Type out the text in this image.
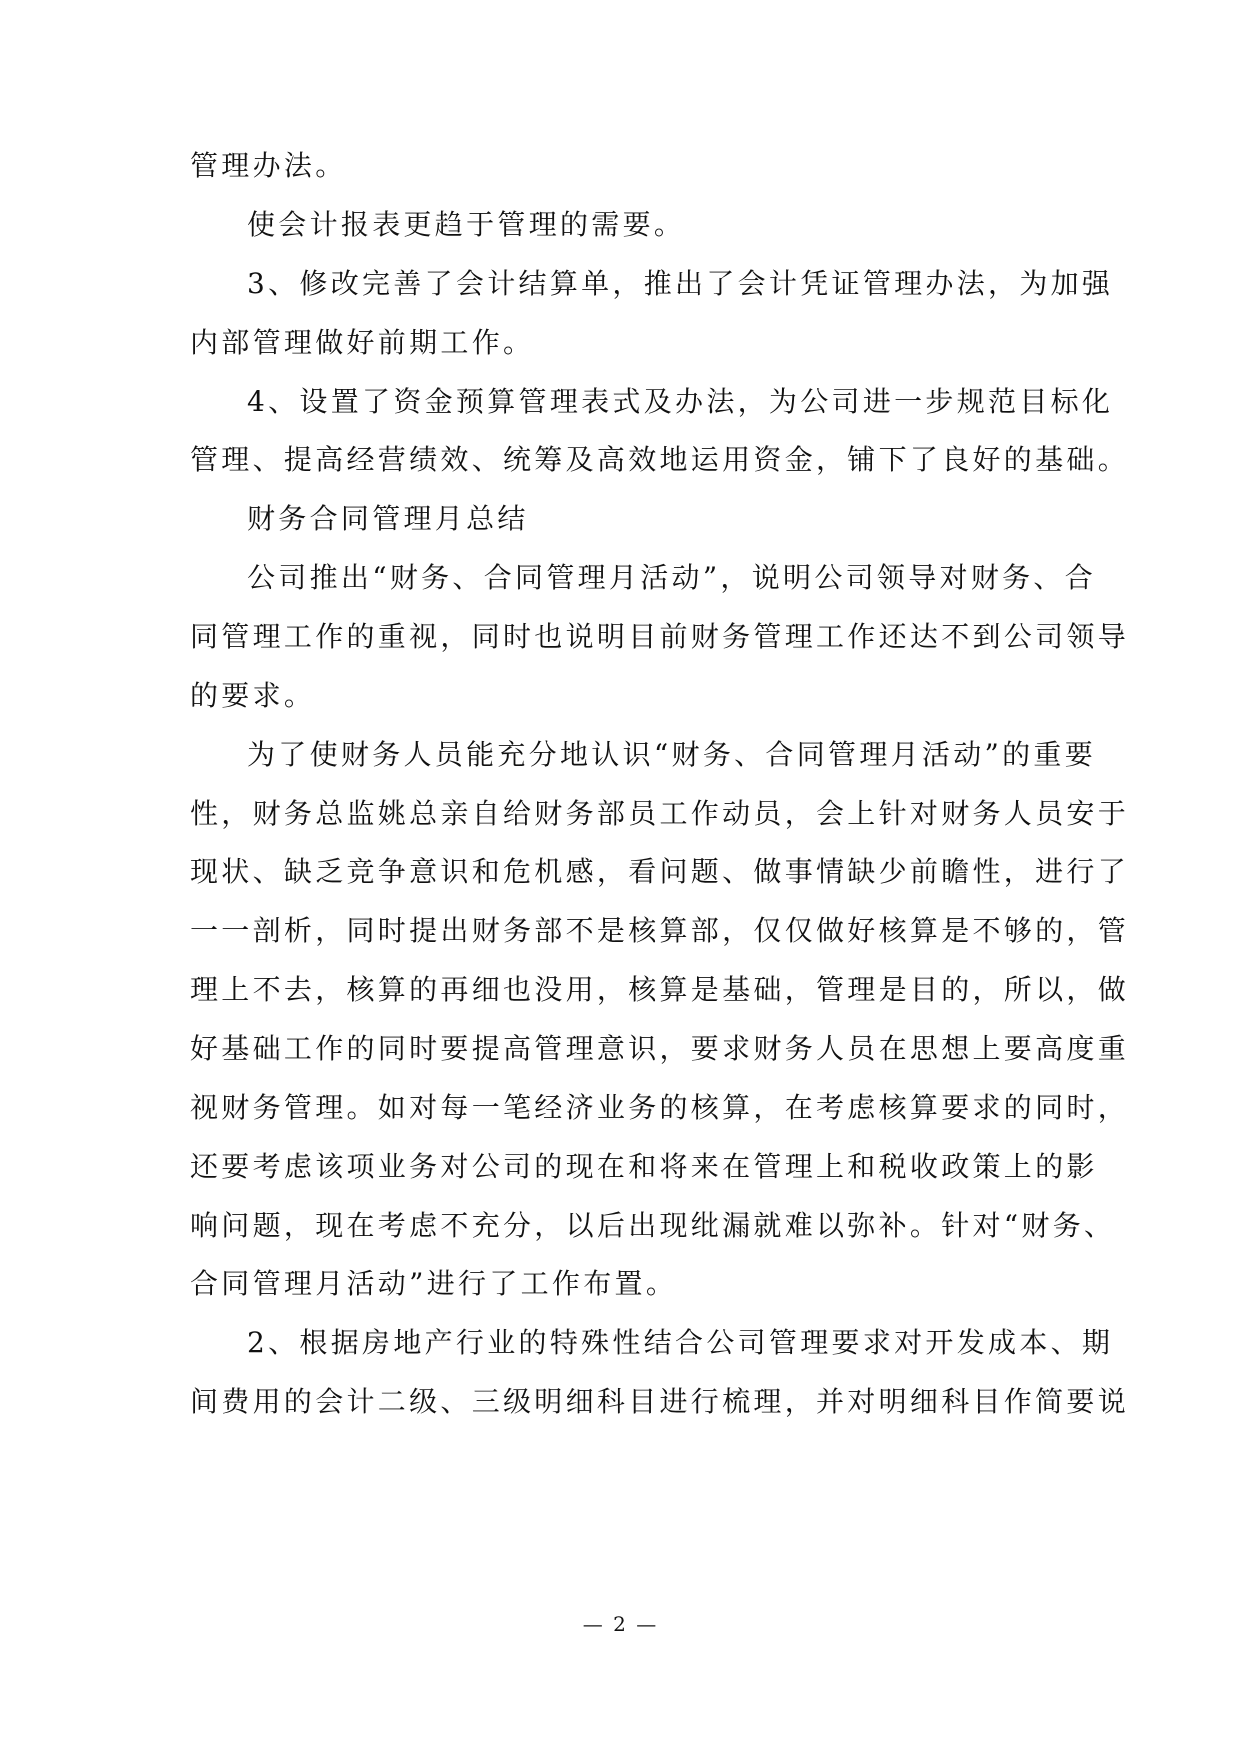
管理办法。

使会计报表更趋于管理的需要。

3、修改完善了会计结算单，推出了会计凭证管理办法，为加强

内部管理做好前期工作。

4、设置了资金预算管理表式及办法，为公司进一步规范目标化

管理、提高经营绩效、统筹及高效地运用资金，铺下了良好的基础。

财务合同管理月总结

公司推出“财务、合同管理月活动”，说明公司领导对财务、合

同管理工作的重视，同时也说明目前财务管理工作还达不到公司领导

的要求。

为了使财务人员能充分地认识“财务、合同管理月活动”的重要

性，财务总监姚总亲自给财务部员工作动员，会上针对财务人员安于

现状、缺乏竞争意识和危机感，看问题、做事情缺少前瞻性，进行了

一一剖析，同时提出财务部不是核算部，仅仅做好核算是不够的，管

理上不去，核算的再细也没用，核算是基础，管理是目的，所以，做

好基础工作的同时要提高管理意识，要求财务人员在思想上要高度重

视财务管理。如对每一笔经济业务的核算，在考虑核算要求的同时，

还要考虑该项业务对公司的现在和将来在管理上和税收政策上的影

响问题，现在考虑不充分，以后出现纰漏就难以弥补。针对“财务、

合同管理月活动”进行了工作布置。

2、根据房地产行业的特殊性结合公司管理要求对开发成本、期

间费用的会计二级、三级明细科目进行梳理，并对明细科目作简要说

— 2 —
